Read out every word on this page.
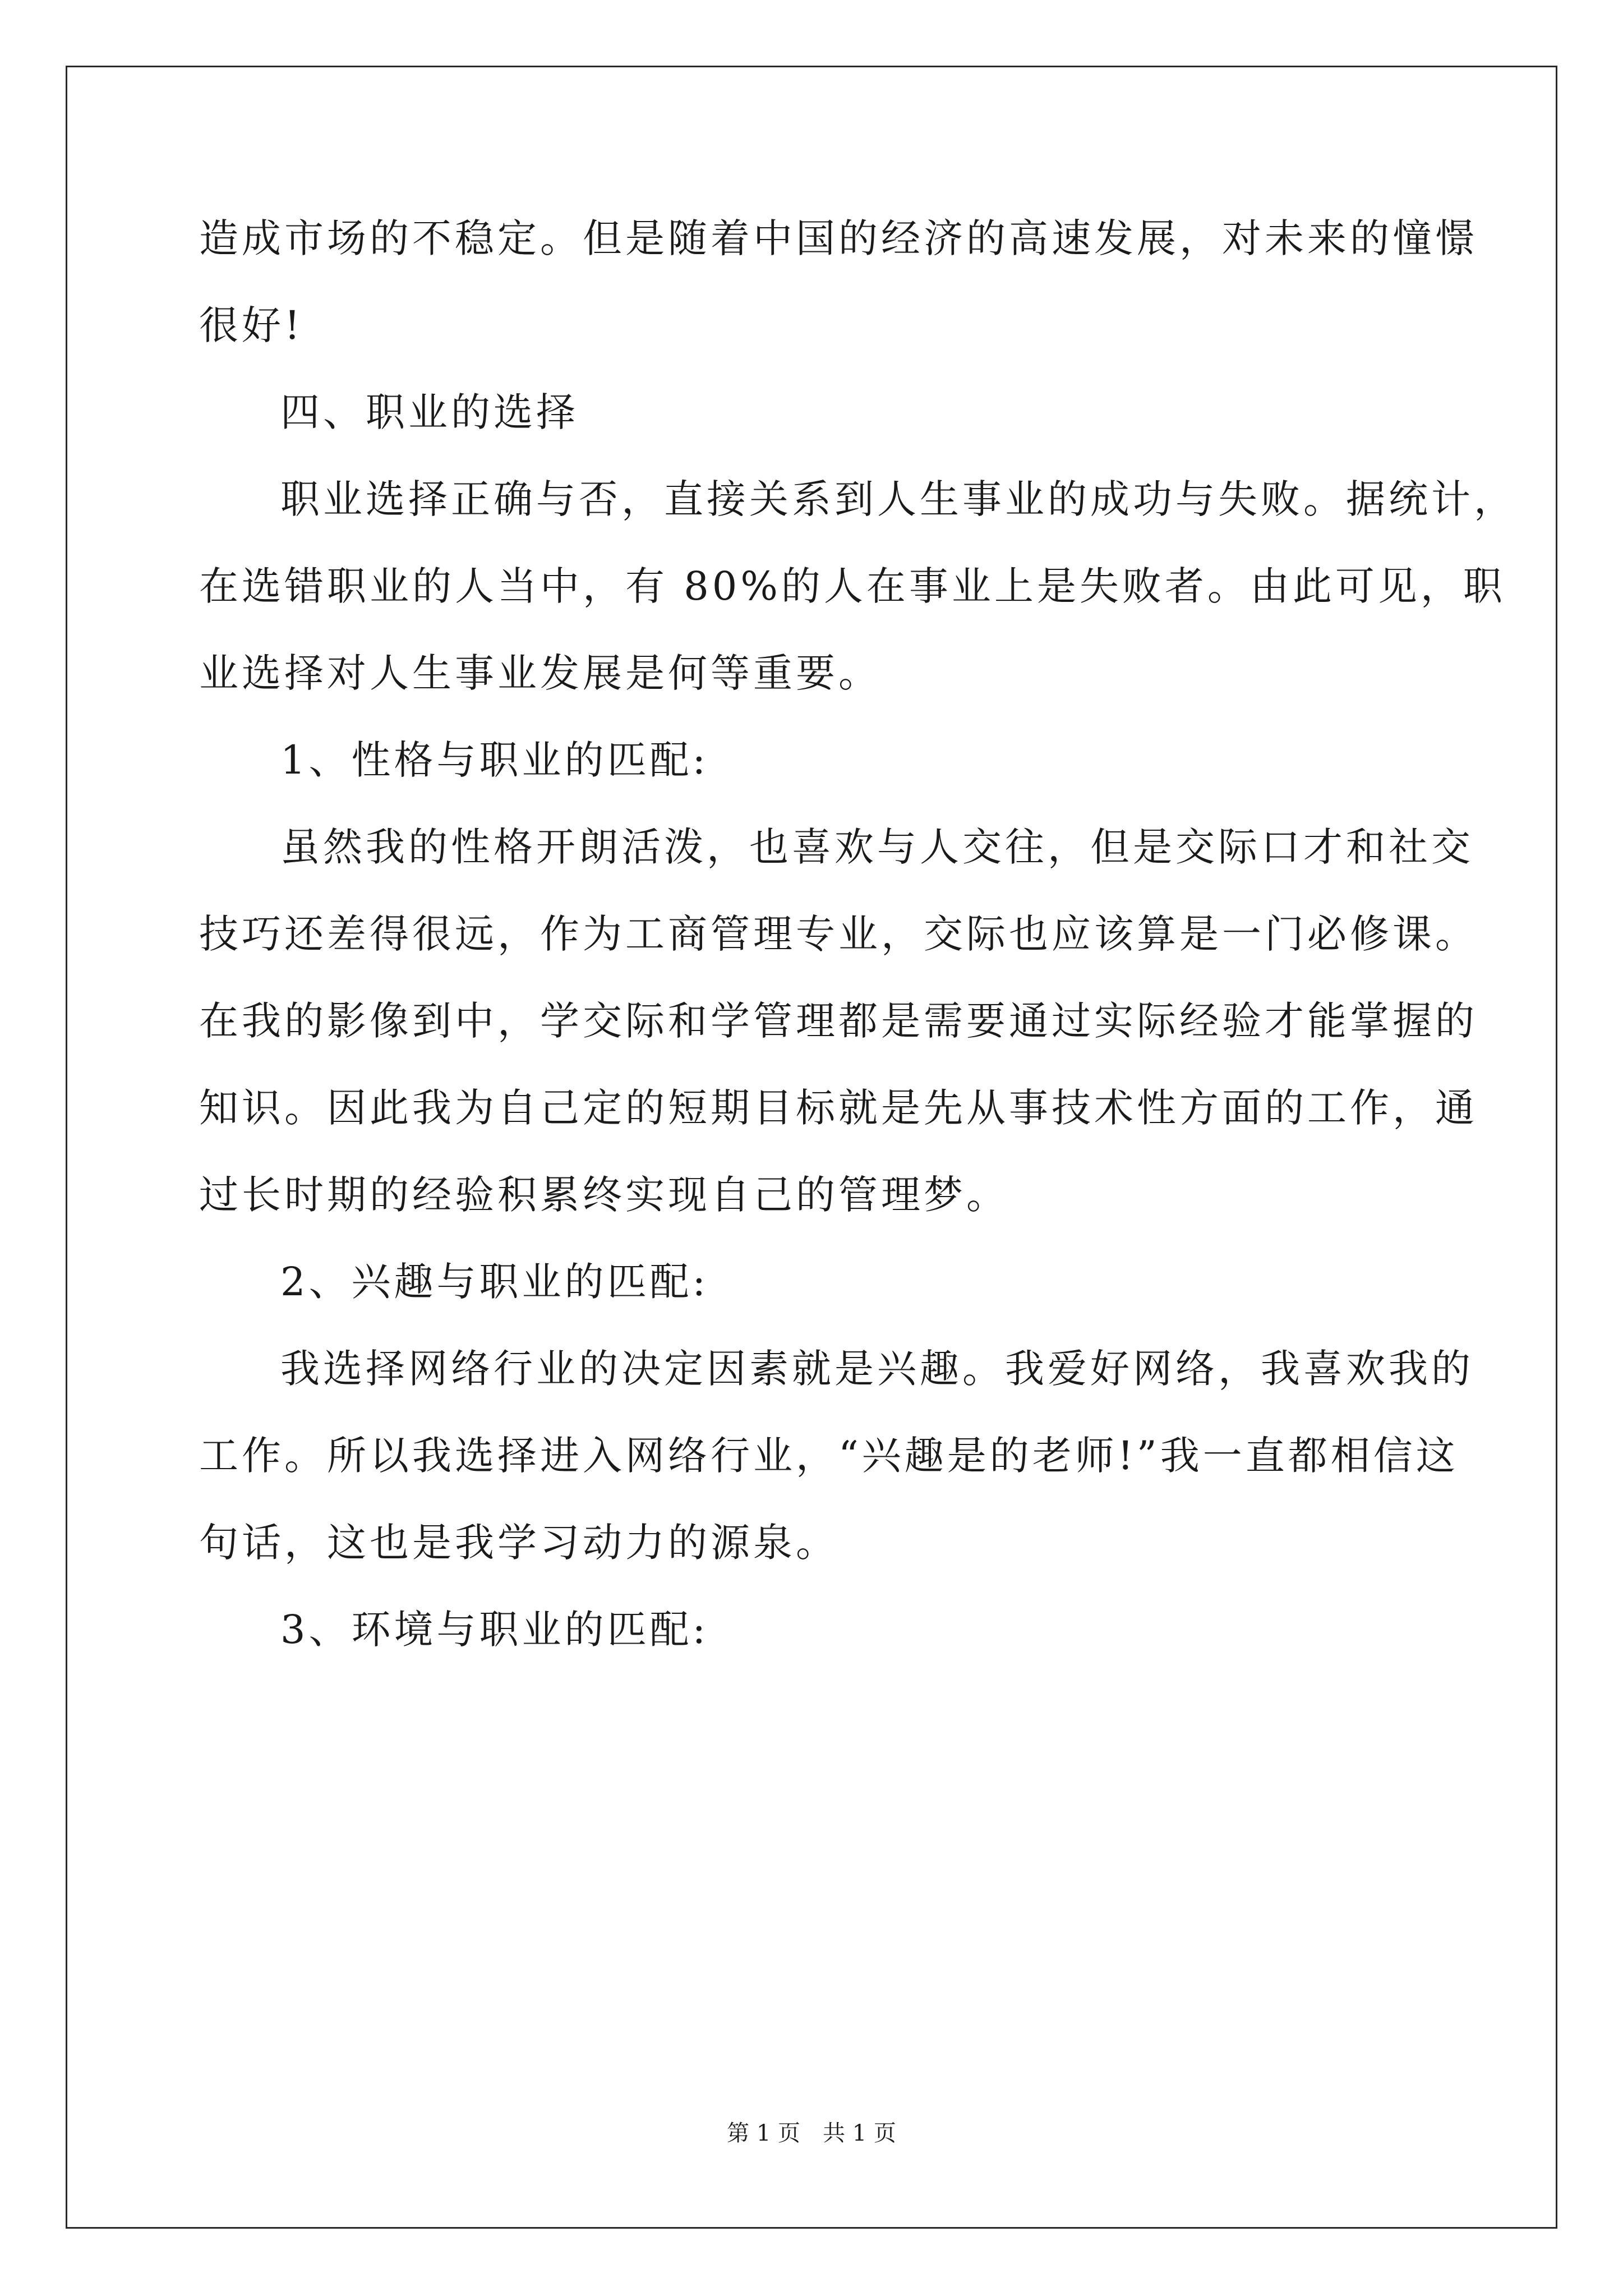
造成市场的不稳定。但是随着中国的经济的高速发展，对未来的憧憬
很好!
四、职业的选择
职业选择正确与否，直接关系到人生事业的成功与失败。据统计，
在选错职业的人当中，有 80%的人在事业上是失败者。由此可见，职
业选择对人生事业发展是何等重要。
1、性格与职业的匹配:
虽然我的性格开朗活泼，也喜欢与人交往，但是交际口才和社交
技巧还差得很远，作为工商管理专业，交际也应该算是一门必修课。
在我的影像到中，学交际和学管理都是需要通过实际经验才能掌握的
知识。因此我为自己定的短期目标就是先从事技术性方面的工作，通
过长时期的经验积累终实现自己的管理梦。
2、兴趣与职业的匹配:
我选择网络行业的决定因素就是兴趣。我爱好网络，我喜欢我的
工作。所以我选择进入网络行业，“兴趣是的老师!”我一直都相信这
句话，这也是我学习动力的源泉。
3、环境与职业的匹配:
第 1 页 共 1 页
